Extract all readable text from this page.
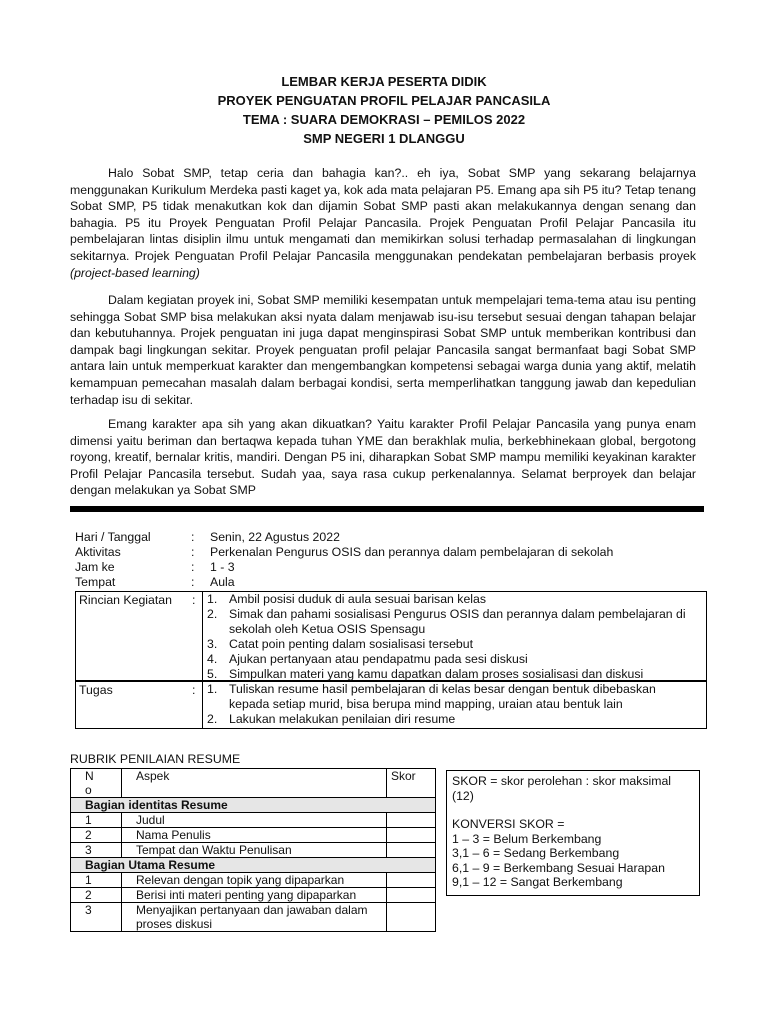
LEMBAR KERJA PESERTA DIDIK
PROYEK PENGUATAN PROFIL PELAJAR PANCASILA
TEMA : SUARA DEMOKRASI – PEMILOS 2022
SMP NEGERI 1 DLANGGU
Halo Sobat SMP, tetap ceria dan bahagia kan?.. eh iya, Sobat SMP yang sekarang belajarnya menggunakan Kurikulum Merdeka pasti kaget ya, kok ada mata pelajaran P5. Emang apa sih P5 itu? Tetap tenang Sobat SMP, P5 tidak menakutkan kok dan dijamin Sobat SMP pasti akan melakukannya dengan senang dan bahagia. P5 itu Proyek Penguatan Profil Pelajar Pancasila. Projek Penguatan Profil Pelajar Pancasila itu pembelajaran lintas disiplin ilmu untuk mengamati dan memikirkan solusi terhadap permasalahan di lingkungan sekitarnya. Projek Penguatan Profil Pelajar Pancasila menggunakan pendekatan pembelajaran berbasis proyek (project-based learning)
Dalam kegiatan proyek ini, Sobat SMP memiliki kesempatan untuk mempelajari tema-tema atau isu penting sehingga Sobat SMP bisa melakukan aksi nyata dalam menjawab isu-isu tersebut sesuai dengan tahapan belajar dan kebutuhannya. Projek penguatan ini juga dapat menginspirasi Sobat SMP untuk memberikan kontribusi dan dampak bagi lingkungan sekitar. Proyek penguatan profil pelajar Pancasila sangat bermanfaat bagi Sobat SMP antara lain untuk memperkuat karakter dan mengembangkan kompetensi sebagai warga dunia yang aktif, melatih kemampuan pemecahan masalah dalam berbagai kondisi, serta memperlihatkan tanggung jawab dan kepedulian terhadap isu di sekitar.
Emang karakter apa sih yang akan dikuatkan? Yaitu karakter Profil Pelajar Pancasila yang punya enam dimensi yaitu beriman dan bertaqwa kepada tuhan YME dan berakhlak mulia, berkebhinekaan global, bergotong royong, kreatif, bernalar kritis, mandiri. Dengan P5 ini, diharapkan Sobat SMP mampu memiliki keyakinan karakter Profil Pelajar Pancasila tersebut. Sudah yaa, saya rasa cukup perkenalannya. Selamat berproyek dan belajar dengan melakukan ya Sobat SMP
Hari / Tanggal	:	Senin, 22 Agustus 2022
Aktivitas	:	Perkenalan Pengurus OSIS dan perannya dalam pembelajaran di sekolah
Jam ke	:	1 - 3
Tempat	:	Aula
Rincian Kegiatan : 1. Ambil posisi duduk di aula sesuai barisan kelas
2. Simak dan pahami sosialisasi Pengurus OSIS dan perannya dalam pembelajaran di sekolah oleh Ketua OSIS Spensagu
3. Catat poin penting dalam sosialisasi tersebut
4. Ajukan pertanyaan atau pendapatmu pada sesi diskusi
5. Simpulkan materi yang kamu dapatkan dalam proses sosialisasi dan diskusi
Tugas	: 1. Tuliskan resume hasil pembelajaran di kelas besar dengan bentuk dibebaskan kepada setiap murid, bisa berupa mind mapping, uraian atau bentuk lain
2. Lakukan melakukan penilaian diri resume
RUBRIK PENILAIAN RESUME
N
o	Aspek	Skor
Bagian identitas Resume		
1	Judul	
2	Nama Penulis	
3	Tempat dan Waktu Penulisan	
Bagian Utama Resume		
1	Relevan dengan topik yang dipaparkan	
2	Berisi inti materi penting yang dipaparkan	
3	Menyajikan pertanyaan dan jawaban dalam proses diskusi	
SKOR = skor perolehan : skor maksimal
(12)
KONVERSI SKOR =
1 – 3 = Belum Berkembang
3,1 – 6 = Sedang Berkembang
6,1 – 9 = Berkembang Sesuai Harapan
9,1 – 12 = Sangat Berkembang
